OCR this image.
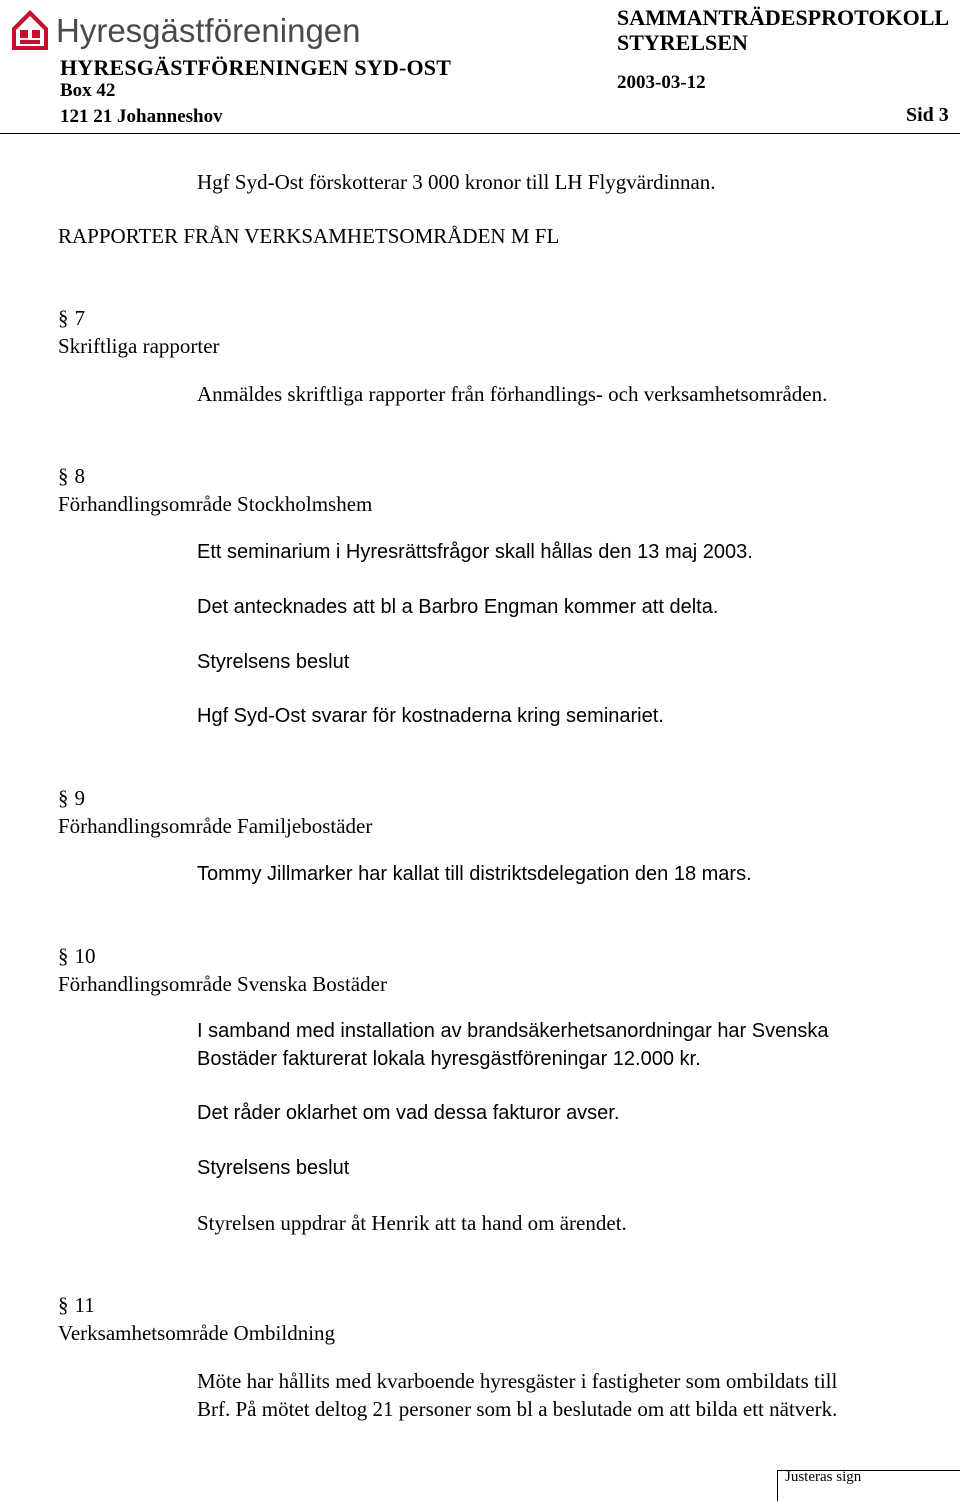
Hyresgästföreningen
HYRESGÄSTFÖRENINGEN SYD-OST
Box 42
121 21 Johanneshov
SAMMANTRÄDESPROTOKOLL
STYRELSEN
2003-03-12
Sid 3
Hgf Syd-Ost förskotterar 3 000 kronor till LH Flygvärdinnan.
RAPPORTER FRÅN VERKSAMHETSOMRÅDEN M FL
§ 7
Skriftliga rapporter
Anmäldes skriftliga rapporter från förhandlings- och verksamhetsområden.
§ 8
Förhandlingsområde Stockholmshem
Ett seminarium i Hyresrättsfrågor skall hållas den 13 maj 2003.
Det antecknades att bl a Barbro Engman kommer att delta.
Styrelsens beslut
Hgf Syd-Ost svarar för kostnaderna kring seminariet.
§ 9
Förhandlingsområde Familjebostäder
Tommy Jillmarker har kallat till distriktsdelegation den 18 mars.
§ 10
Förhandlingsområde Svenska Bostäder
I samband med installation av brandsäkerhetsanordningar har Svenska
Bostäder fakturerat lokala hyresgästföreningar 12.000 kr.
Det råder oklarhet om vad dessa fakturor avser.
Styrelsens beslut
Styrelsen uppdrar åt Henrik att ta hand om ärendet.
§ 11
Verksamhetsområde Ombildning
Möte har hållits med kvarboende hyresgäster i fastigheter som ombildats till
Brf. På mötet deltog 21 personer som bl a beslutade om att bilda ett nätverk.
Justeras sign
